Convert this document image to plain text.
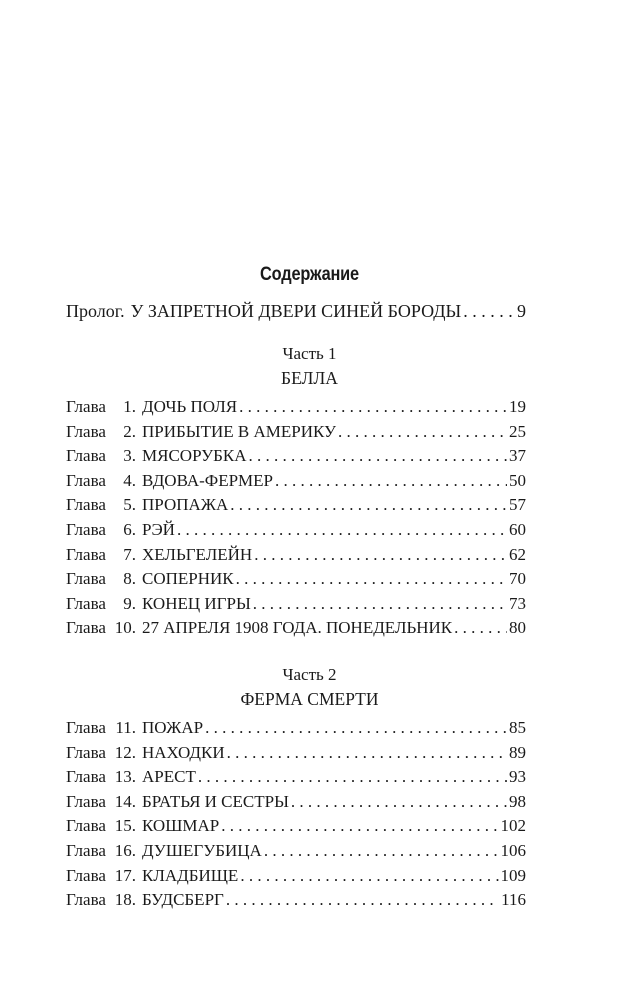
Содержание
Пролог. У ЗАПРЕТНОЙ ДВЕРИ СИНЕЙ БОРОДЫ . . .	9
Часть 1
БЕЛЛА
Глава	1. ДОЧЬ ПОЛЯ . . .	19
Глава	2. ПРИБЫТИЕ В АМЕРИКУ . . .	25
Глава	3. МЯСОРУБКА . . .	37
Глава	4. ВДОВА-ФЕРМЕР . . .	50
Глава	5. ПРОПАЖА . . .	57
Глава	6. РЭЙ . . .	60
Глава	7. ХЕЛЬГЕЛЕЙН . . .	62
Глава	8. СОПЕРНИК . . .	70
Глава	9. КОНЕЦ ИГРЫ . . .	73
Глава 10. 27 АПРЕЛЯ 1908 ГОДА. ПОНЕДЕЛЬНИК . . .	80
Часть 2
ФЕРМА СМЕРТИ
Глава 11. ПОЖАР . . .	85
Глава 12. НАХОДКИ . . .	89
Глава 13. АРЕСТ . . .	93
Глава 14. БРАТЬЯ И СЕСТРЫ . . .	98
Глава 15. КОШМАР . . .	102
Глава 16. ДУШЕГУБИЦА . . .	106
Глава 17. КЛАДБИЩЕ . . .	109
Глава 18. БУДСБЕРГ . . .	116
